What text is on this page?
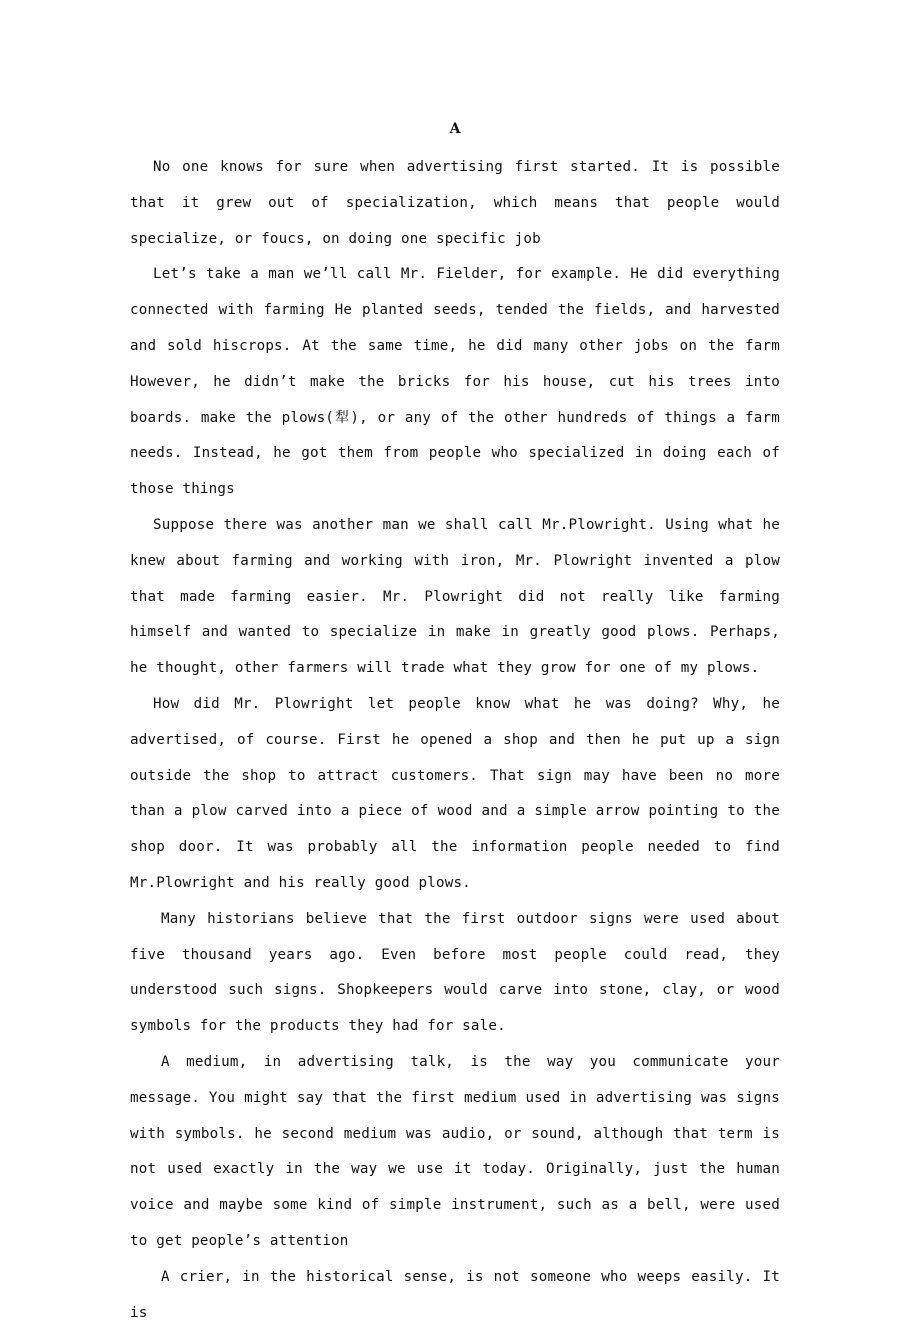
A

No one knows for sure when advertising first started. It is possible that it grew out of specialization, which means that people would specialize, or foucs, on doing one specific job

Let’s take a man we’ll call Mr. Fielder, for example. He did everything connected with farming He planted seeds, tended the fields, and harvested and sold hiscrops. At the same time, he did many other jobs on the farm However, he didn’t make the bricks for his house, cut his trees into boards. make the plows(犁), or any of the other hundreds of things a farm needs. Instead, he got them from people who specialized in doing each of those things

Suppose there was another man we shall call Mr.Plowright. Using what he knew about farming and working with iron, Mr. Plowright invented a plow that made farming easier. Mr. Plowright did not really like farming himself and wanted to specialize in make in greatly good plows. Perhaps, he thought, other farmers will trade what they grow for one of my plows.

How did Mr. Plowright let people know what he was doing? Why, he advertised, of course. First he opened a shop and then he put up a sign outside the shop to attract customers. That sign may have been no more than a plow carved into a piece of wood and a simple arrow pointing to the shop door. It was probably all the information people needed to find Mr.Plowright and his really good plows.

Many historians believe that the first outdoor signs were used about five thousand years ago. Even before most people could read, they understood such signs. Shopkeepers would carve into stone, clay, or wood symbols for the products they had for sale.

A medium, in advertising talk, is the way you communicate your message. You might say that the first medium used in advertising was signs with symbols. he second medium was audio, or sound, although that term is not used exactly in the way we use it today. Originally, just the human voice and maybe some kind of simple instrument, such as a bell, were used to get people’s attention

A crier, in the historical sense, is not someone who weeps easily. It is
